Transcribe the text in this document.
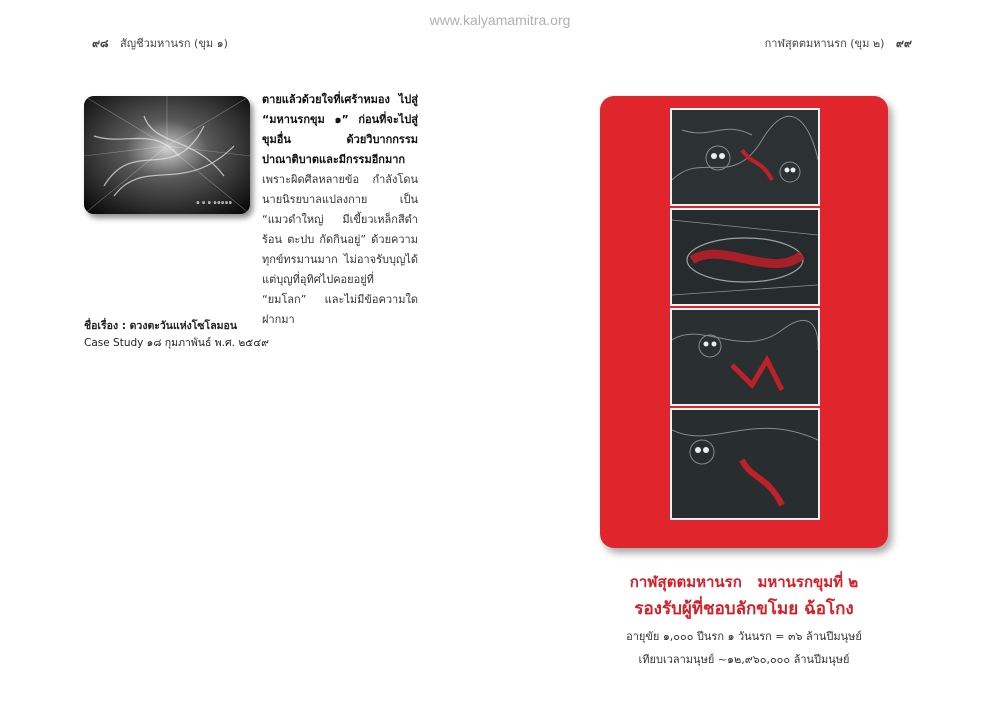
www.kalyamamitra.org
๙๘ สัญชีวมหานรก (ขุม ๑)	กาฬสุตตมหานรก (ขุม ๒) ๙๙
๑ ๑ ๑ ๑๑๑๑๑
ตายแล้วด้วยใจที่เศร้าหมอง ไปสู่ “มหานรกขุม ๑” ก่อนที่จะไปสู่ขุมอื่น ด้วยวิบากกรรม ปาณาติบาตและมีกรรมอีกมาก เพราะผิดศีลหลายข้อ กำลังโดนนายนิรยบาลแปลงกาย เป็น “แมวดำใหญ่ มีเขี้ยวเหล็กสีดำร้อน ตะปบ กัดกินอยู่” ด้วยความทุกข์ทรมานมาก ไม่อาจรับบุญได้ แต่บุญที่อุทิศไปคอยอยู่ที่ “ยมโลก” และไม่มีข้อความใดฝากมา
ชื่อเรื่อง : ดวงตะวันแห่งโซโลมอน
Case Study ๑๘ กุมภาพันธ์ พ.ศ. ๒๕๔๙
กาฬสุตตมหานรก   มหานรกขุมที่ ๒
รองรับผู้ที่ชอบลักขโมย ฉ้อโกง
อายุขัย ๑,๐๐๐ ปีนรก ๑ วันนรก = ๓๖ ล้านปีมนุษย์
เทียบเวลามนุษย์ ~๑๒,๙๖๐,๐๐๐ ล้านปีมนุษย์
